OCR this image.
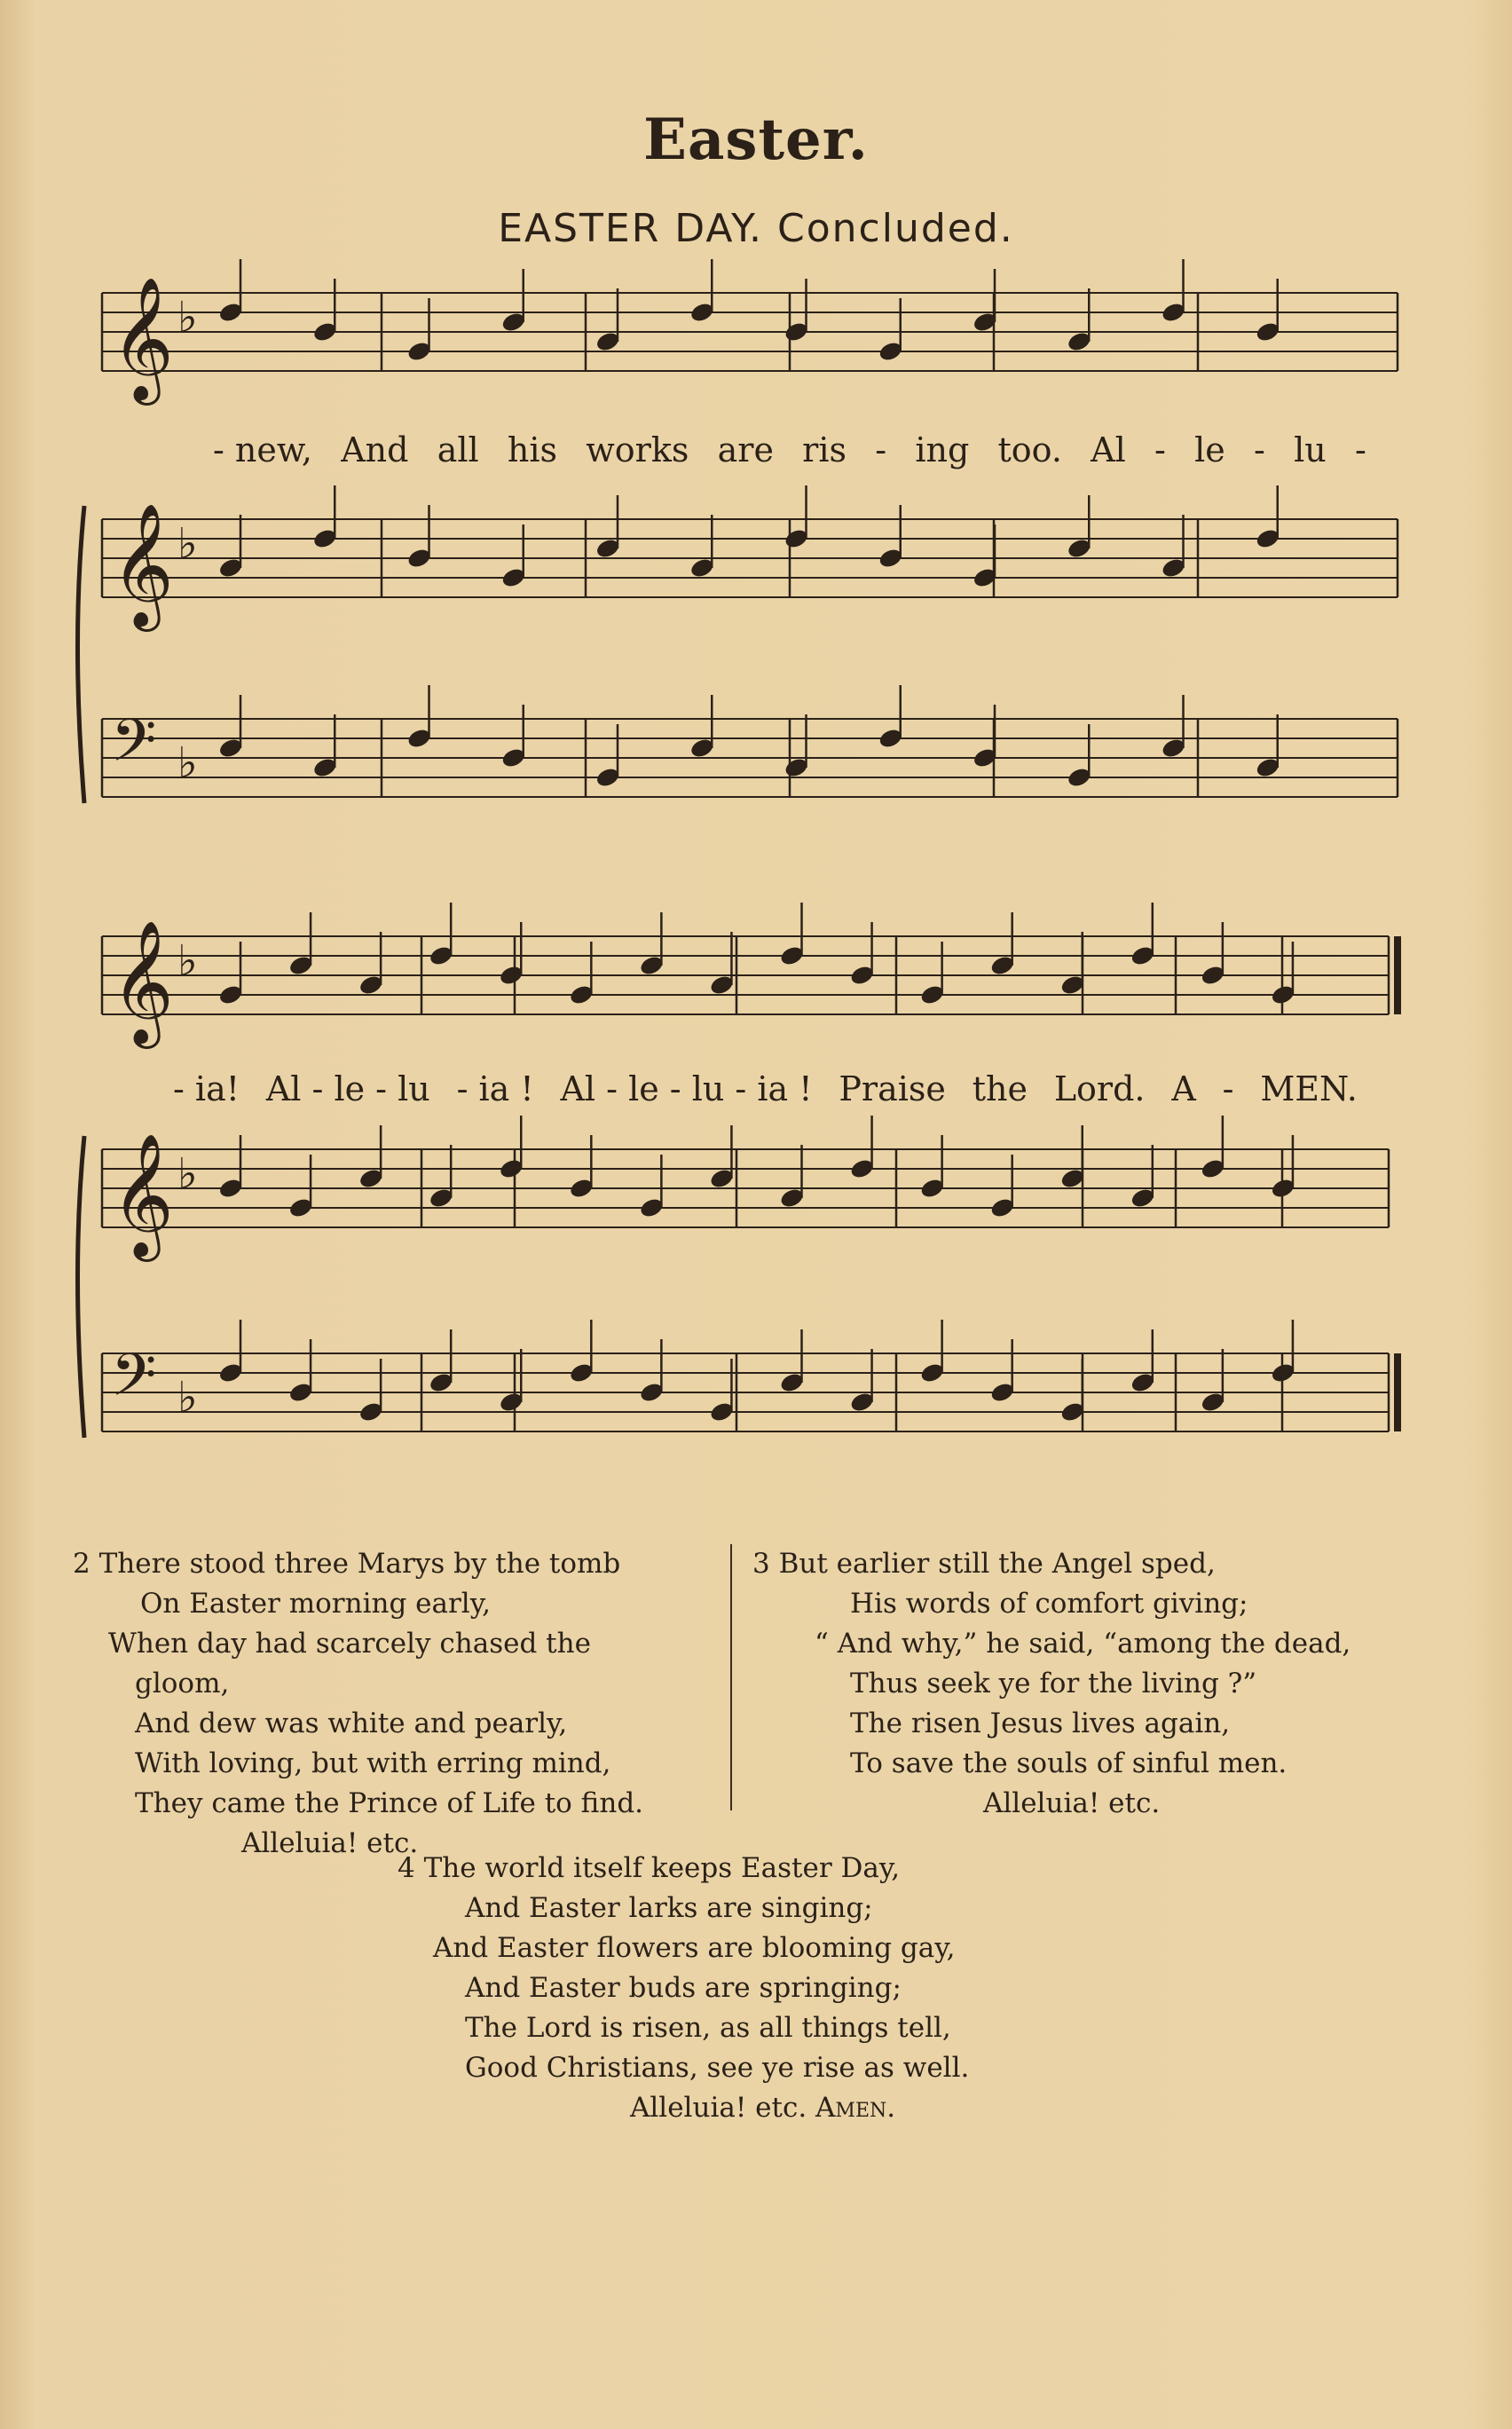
Easter.
EASTER DAY. Concluded.
𝄞 ♭
𝄞 ♭
𝄢 ♭
𝄞 ♭
𝄞 ♭
𝄢 ♭
- new, And all his works are ris - ing too. Al - le - lu -
- ia! Al - le - lu - ia ! Al - le - lu - ia ! Praise the Lord. A - MEN.
2 There stood three Marys by the tomb
On Easter morning early,
When day had scarcely chased the
gloom,
And dew was white and pearly,
With loving, but with erring mind,
They came the Prince of Life to find.
Alleluia! etc.
3 But earlier still the Angel sped,
His words of comfort giving;
“ And why,” he said, “among the dead,
Thus seek ye for the living ?”
The risen Jesus lives again,
To save the souls of sinful men.
Alleluia! etc.
4 The world itself keeps Easter Day,
And Easter larks are singing;
And Easter flowers are blooming gay,
And Easter buds are springing;
The Lord is risen, as all things tell,
Good Christians, see ye rise as well.
Alleluia! etc. Amen.
